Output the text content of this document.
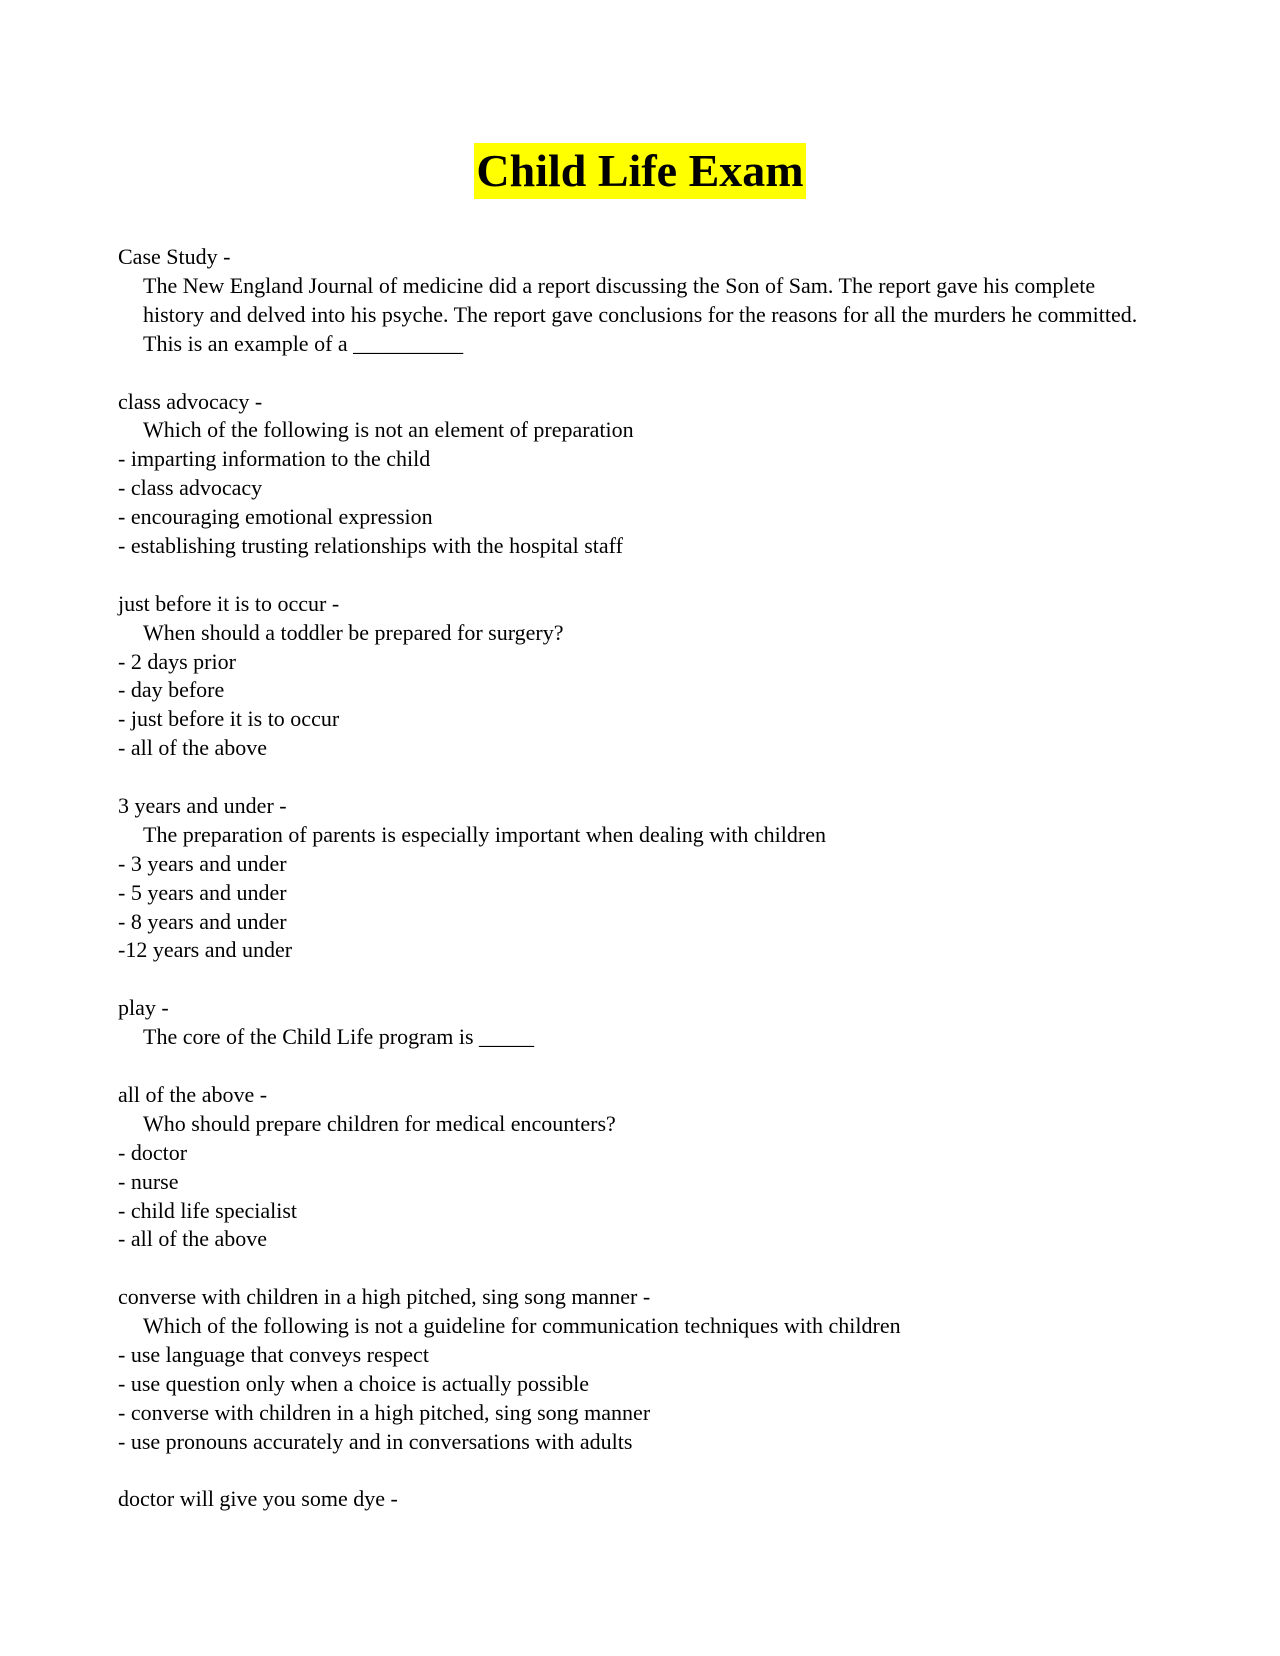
Child Life Exam
Case Study -
The New England Journal of medicine did a report discussing the Son of Sam. The report gave his complete history and delved into his psyche. The report gave conclusions for the reasons for all the murders he committed. This is an example of a __________
class advocacy -
Which of the following is not an element of preparation
- imparting information to the child
- class advocacy
- encouraging emotional expression
- establishing trusting relationships with the hospital staff
just before it is to occur -
When should a toddler be prepared for surgery?
- 2 days prior
- day before
- just before it is to occur
- all of the above
3 years and under -
The preparation of parents is especially important when dealing with children
- 3 years and under
- 5 years and under
- 8 years and under
-12 years and under
play -
The core of the Child Life program is _____
all of the above -
Who should prepare children for medical encounters?
- doctor
- nurse
- child life specialist
- all of the above
converse with children in a high pitched, sing song manner -
Which of the following is not a guideline for communication techniques with children
- use language that conveys respect
- use question only when a choice is actually possible
- converse with children in a high pitched, sing song manner
- use pronouns accurately and in conversations with adults
doctor will give you some dye -
